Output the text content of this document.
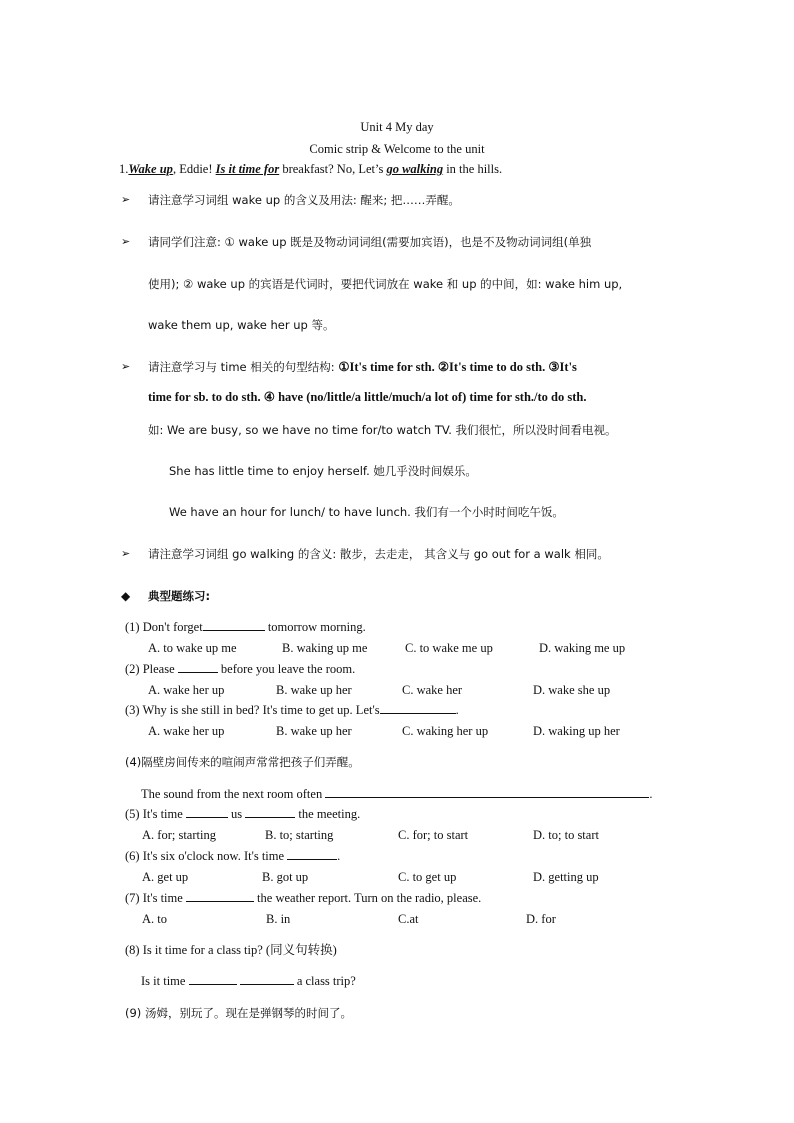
Unit 4 My day
Comic strip & Welcome to the unit
1.Wake up, Eddie! Is it time for breakfast? No, Let’s go walking in the hills.
➢ 请注意学习词组 wake up 的含义及用法: 醒来; 把……弄醒。
➢ 请同学们注意: ① wake up 既是及物动词词组(需要加宾语)，也是不及物动词词组(单独
使用); ② wake up 的宾语是代词时，要把代词放在 wake 和 up 的中间，如: wake him up,
wake them up, wake her up 等。
➢ 请注意学习与 time 相关的句型结构: ①It's time for sth. ②It's time to do sth. ③It's
time for sb. to do sth. ④ have (no/little/a little/much/a lot of) time for sth./to do sth.
如: We are busy, so we have no time for/to watch TV. 我们很忙，所以没时间看电视。
She has little time to enjoy herself. 她几乎没时间娱乐。
We have an hour for lunch/ to have lunch. 我们有一个小时时间吃午饭。
➢ 请注意学习词组 go walking 的含义: 散步，去走走， 其含义与 go out for a walk 相同。
◆ 典型题练习:
(1) Don't forget	tomorrow morning.
A. to wake up me	B. waking up me	C. to wake me up	D. waking me up
(2) Please	before you leave the room.
A. wake her up	B. wake up her	C. wake her	D. wake she up
(3) Why is she still in bed? It's time to get up. Let's	.
A. wake her up	B. wake up her	C. waking her up	D. waking up her
(4)隔壁房间传来的喧闹声常常把孩子们弄醒。
The sound from the next room often	.
(5) It's time	us	the meeting.
A. for; starting	B. to; starting	C. for; to start	D. to; to start
(6) It's six o'clock now. It's time	.
A. get up	B. got up	C. to get up	D. getting up
(7) It's time	the weather report. Turn on the radio, please.
A. to	B. in	C.at	D. for
(8) Is it time for a class tip? (同义句转换)
Is it time	a class trip?
(9) 汤姆，别玩了。现在是弹钢琴的时间了。
